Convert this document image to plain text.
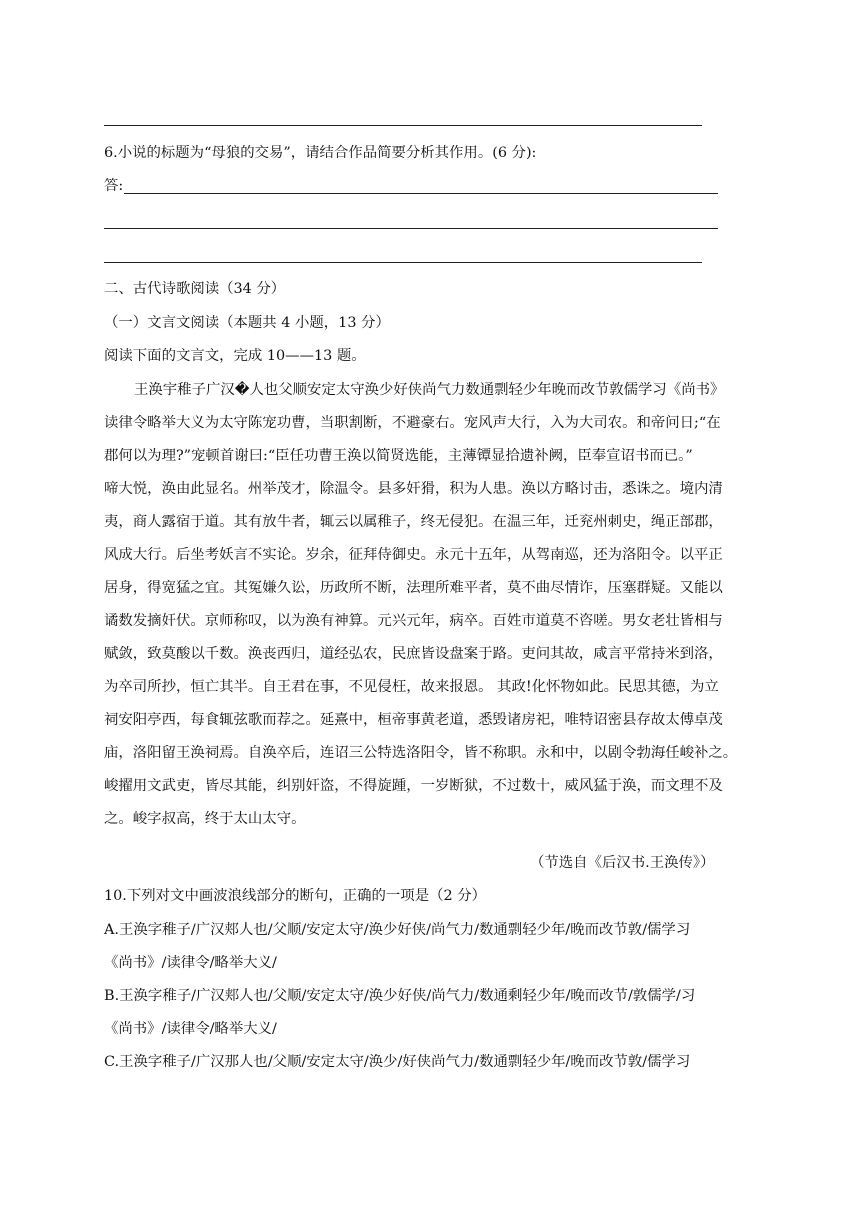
6.小说的标题为“母狼的交易”，请结合作品简要分析其作用。(6 分):
答:
二、古代诗歌阅读（34 分）
（一）文言文阅读（本题共 4 小题，13 分）
阅读下面的文言文，完成 10——13 题。
王涣宇稚子广汉�人也父顺安定太守涣少好侠尚气力数通剽轻少年晚而改节敦儒学习《尚书》
读律令略举大义为太守陈宠功曹，当职割断，不避豪右。宠风声大行，入为大司农。和帝问日;“在
郡何以为理?”宠顿首谢曰:“臣任功曹王涣以简贤选能，主薄镡显拾遗补阙，臣奉宣诏书而已。”
啼大悦，涣由此显名。州举茂才，除温令。县多奸猾，积为人患。涣以方略讨击，悉诛之。境内清
夷，商人露宿于道。其有放牛者，辄云以属稚子，终无侵犯。在温三年，迁兖州刺史，绳正部郡，
风成大行。后坐考妖言不实论。岁余，征拜侍御史。永元十五年，从驾南巡，还为洛阳令。以平正
居身，得宽猛之宜。其冤嫌久讼，历政所不断，法理所难平者，莫不曲尽情诈，压塞群疑。又能以
谲数发摘奸伏。京师称叹，以为涣有神算。元兴元年，病卒。百姓市道莫不咨嗟。男女老壮皆相与
赋敛，致莫酸以千数。涣丧西归，道经弘农，民庶皆设盘案于路。吏问其故，咸言平常持米到洛，
为卒司所抄，恒亡其半。自王君在事，不见侵枉，故来报恩。 其政!化怀物如此。民思其德，为立
祠安阳亭西，每食辄弦歌而荐之。延熹中，桓帝事黄老道，悉毁诸房祀，唯特诏密县存故太傅卓茂
庙，洛阳留王涣祠焉。自涣卒后，连诏三公特选洛阳令，皆不称职。永和中，以剧令勃海任峻补之。
峻擢用文武吏，皆尽其能，纠别奸盗，不得旋踵，一岁断狱，不过数十，威风猛于涣，而文理不及
之。峻字叔高，终于太山太守。
（节选自《后汉书.王涣传》）
10.下列对文中画波浪线部分的断句，正确的一项是（2 分）
A.王涣字稚子/广汉郏人也/父顺/安定太守/涣少好侠/尚气力/数通剽轻少年/晚而改节敦/儒学习
《尚书》/读律令/略举大义/
B.王涣字稚子/广汉郏人也/父顺/安定太守/涣少好侠/尚气力/数通剩轻少年/晚而改节/敦儒学/习
《尚书》/读律令/略举大义/
C.王涣字稚子/广汉那人也/父顺/安定太守/涣少/好侠尚气力/数通剽轻少年/晚而改节敦/儒学习
